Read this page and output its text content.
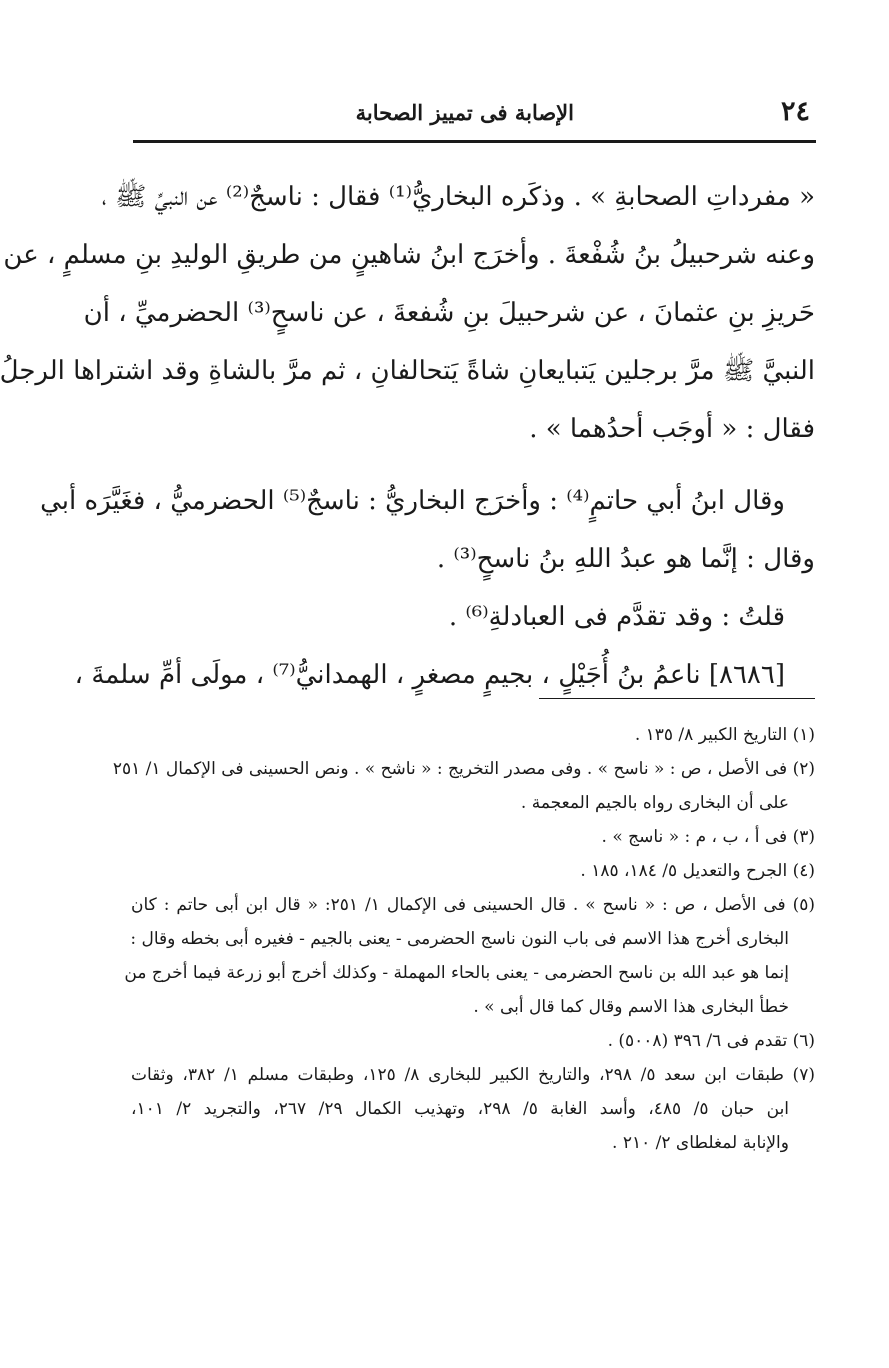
٢٤
الإصابة فى تمييز الصحابة
« مفرداتِ الصحابةِ » . وذكَره البخاريُّ⁽¹⁾ فقال : ناسجٌ⁽²⁾ عن النبيِّ ﷺ ،
وعنه شرحبيلُ بنُ شُفْعةَ . وأخرَج ابنُ شاهينٍ من طريقِ الوليدِ بنِ مسلمٍ ، عن
حَريزِ بنِ عثمانَ ، عن شرحبيلَ بنِ شُفعةَ ، عن ناسحٍ⁽³⁾ الحضرميِّ ، أن
النبيَّ ﷺ مرَّ برجلين يَتبايعانِ شاةً يَتحالفانِ ، ثم مرَّ بالشاةِ وقد اشتراها الرجلُ
فقال : « أوجَب أحدُهما » .
وقال ابنُ أبي حاتمٍ⁽⁴⁾ : وأخرَج البخاريُّ : ناسجٌ⁽⁵⁾ الحضرميُّ ، فغَيَّرَه أبي
وقال : إنَّما هو عبدُ اللهِ بنُ ناسحٍ⁽³⁾ .
قلتُ : وقد تقدَّم فى العبادلةِ⁽⁶⁾ .
[٨٦٨٦] ناعمُ بنُ أُجَيْلٍ ، بجيمٍ مصغرٍ ، الهمدانيُّ⁽⁷⁾ ، مولَى أمِّ سلمةَ ،
(١) التاريخ الكبير ٨/ ١٣٥ .
(٢) فى الأصل ، ص : « ناسح » . وفى مصدر التخريج : « ناشح » . ونص الحسينى فى الإكمال ١/ ٢٥١
على أن البخارى رواه بالجيم المعجمة .
(٣) فى أ ، ب ، م : « ناسج » .
(٤) الجرح والتعديل ٥/ ١٨٤، ١٨٥ .
(٥) فى الأصل ، ص : « ناسح » . قال الحسينى فى الإكمال ١/ ٢٥١: « قال ابن أبى حاتم : كان
البخارى أخرج هذا الاسم فى باب النون ناسج الحضرمى - يعنى بالجيم - فغيره أبى بخطه وقال :
إنما هو عبد الله بن ناسح الحضرمى - يعنى بالحاء المهملة - وكذلك أخرج أبو زرعة فيما أخرج من
خطأ البخارى هذا الاسم وقال كما قال أبى » .
(٦) تقدم فى ٦/ ٣٩٦ (٥٠٠٨) .
(٧) طبقات ابن سعد ٥/ ٢٩٨، والتاريخ الكبير للبخارى ٨/ ١٢٥، وطبقات مسلم ١/ ٣٨٢، وثقات
ابن حبان ٥/ ٤٨٥، وأسد الغابة ٥/ ٢٩٨، وتهذيب الكمال ٢٩/ ٢٦٧، والتجريد ٢/ ١٠١،
والإنابة لمغلطاى ٢/ ٢١٠ .
